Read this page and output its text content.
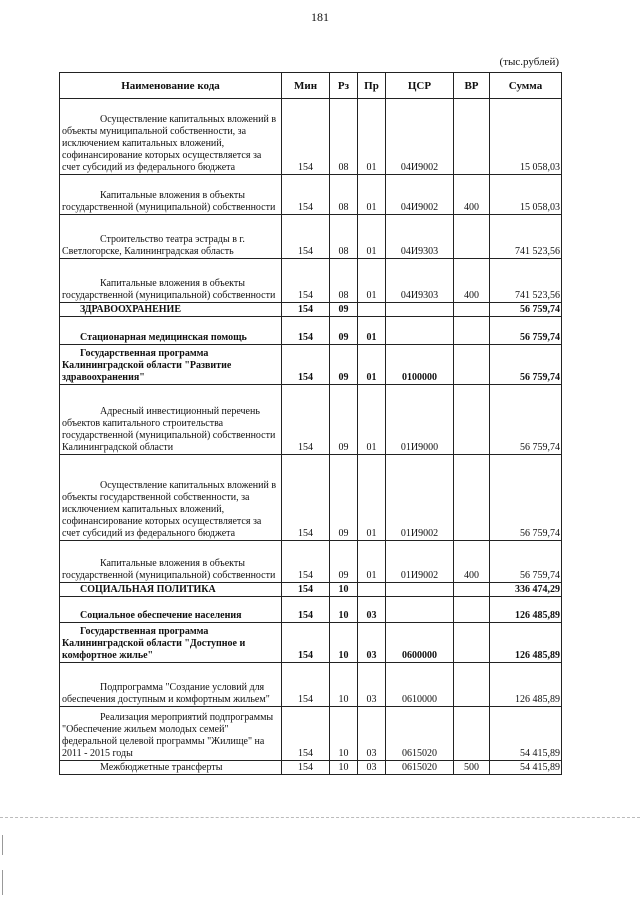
181
(тыс.рублей)
Наименование кода	Мин	Рз	Пр	ЦСР	ВР	Сумма
Осуществление капитальных вложений в объекты муниципальной собственности, за исключением капитальных вложений, софинансирование которых осуществляется за счет субсидий из федерального бюджета	154	08	01	04И9002		15 058,03
Капитальные вложения в объекты государственной (муниципальной) собственности	154	08	01	04И9002	400	15 058,03
Строительство театра эстрады в г. Светлогорске, Калининградская область	154	08	01	04И9303		741 523,56
Капитальные вложения в объекты государственной (муниципальной) собственности	154	08	01	04И9303	400	741 523,56
ЗДРАВООХРАНЕНИЕ	154	09				56 759,74
Стационарная медицинская помощь	154	09	01			56 759,74
Государственная программа Калининградской области "Развитие здравоохранения"	154	09	01	0100000		56 759,74
Адресный инвестиционный перечень объектов капитального строительства государственной (муниципальной) собственности Калининградской области	154	09	01	01И9000		56 759,74
Осуществление капитальных вложений в объекты государственной собственности, за исключением капитальных вложений, софинансирование которых осуществляется за счет субсидий из федерального бюджета	154	09	01	01И9002		56 759,74
Капитальные вложения в объекты государственной (муниципальной) собственности	154	09	01	01И9002	400	56 759,74
СОЦИАЛЬНАЯ ПОЛИТИКА	154	10				336 474,29
Социальное обеспечение населения	154	10	03			126 485,89
Государственная программа Калининградской области "Доступное и комфортное жилье"	154	10	03	0600000		126 485,89
Подпрограмма "Создание условий для обеспечения доступным и комфортным жильем"	154	10	03	0610000		126 485,89
Реализация мероприятий подпрограммы "Обеспечение жильем молодых семей" федеральной целевой программы "Жилище" на 2011 - 2015 годы	154	10	03	0615020		54 415,89
Межбюджетные трансферты	154	10	03	0615020	500	54 415,89
